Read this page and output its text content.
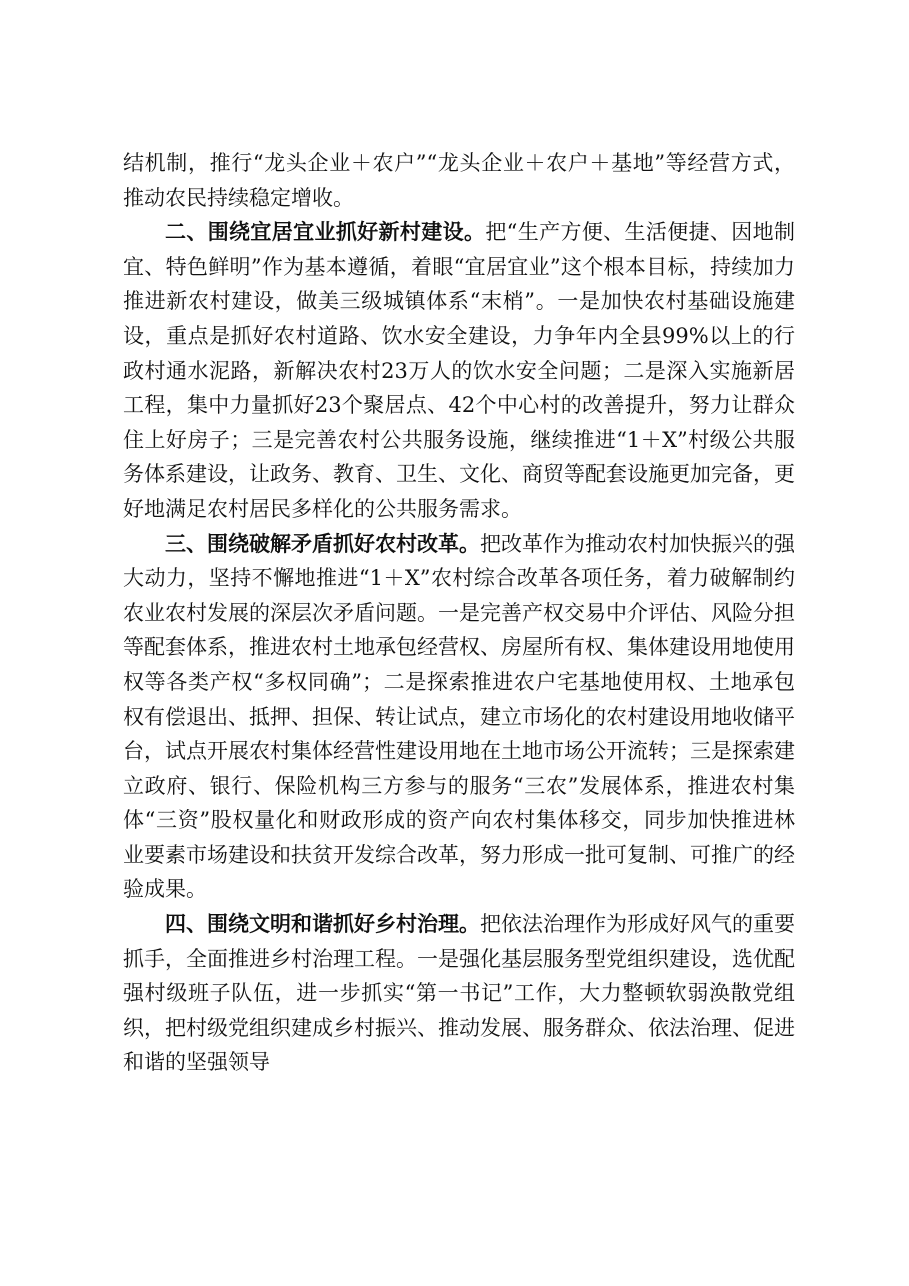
结机制，推行“龙头企业＋农户”“龙头企业＋农户＋基地”等经营方式，推动农民持续稳定增收。

二、围绕宜居宜业抓好新村建设。把“生产方便、生活便捷、因地制宜、特色鲜明”作为基本遵循，着眼“宜居宜业”这个根本目标，持续加力推进新农村建设，做美三级城镇体系“末梢”。一是加快农村基础设施建设，重点是抓好农村道路、饮水安全建设，力争年内全县99%以上的行政村通水泥路，新解决农村23万人的饮水安全问题；二是深入实施新居工程，集中力量抓好23个聚居点、42个中心村的改善提升，努力让群众住上好房子；三是完善农村公共服务设施，继续推进“1＋X”村级公共服务体系建设，让政务、教育、卫生、文化、商贸等配套设施更加完备，更好地满足农村居民多样化的公共服务需求。

三、围绕破解矛盾抓好农村改革。把改革作为推动农村加快振兴的强大动力，坚持不懈地推进“1＋X”农村综合改革各项任务，着力破解制约农业农村发展的深层次矛盾问题。一是完善产权交易中介评估、风险分担等配套体系，推进农村土地承包经营权、房屋所有权、集体建设用地使用权等各类产权“多权同确”；二是探索推进农户宅基地使用权、土地承包权有偿退出、抵押、担保、转让试点，建立市场化的农村建设用地收储平台，试点开展农村集体经营性建设用地在土地市场公开流转；三是探索建立政府、银行、保险机构三方参与的服务“三农”发展体系，推进农村集体“三资”股权量化和财政形成的资产向农村集体移交，同步加快推进林业要素市场建设和扶贫开发综合改革，努力形成一批可复制、可推广的经验成果。

四、围绕文明和谐抓好乡村治理。把依法治理作为形成好风气的重要抓手，全面推进乡村治理工程。一是强化基层服务型党组织建设，选优配强村级班子队伍，进一步抓实“第一书记”工作，大力整顿软弱涣散党组织，把村级党组织建成乡村振兴、推动发展、服务群众、依法治理、促进和谐的坚强领导
